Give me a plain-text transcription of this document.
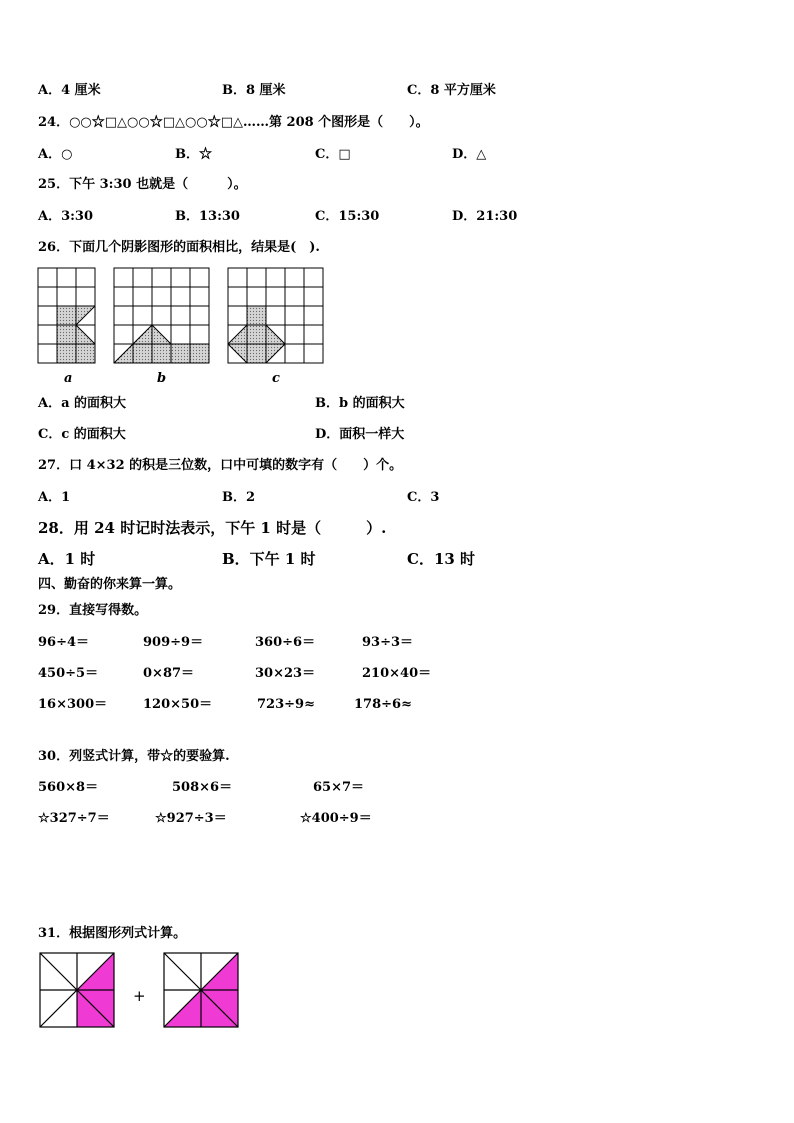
A．4 厘米	B．8 厘米	C．8 平方厘米
24．○○☆□△○○☆□△○○☆□△……第 208 个图形是（　　）。
A．○	B．☆	C．□	D．△
25．下午 3:30 也就是（　　　）。
A．3:30	B．13:30	C．15:30	D．21:30
26．下面几个阴影图形的面积相比，结果是(　).
a	b	c
A．a 的面积大	B．b 的面积大
C．c 的面积大	D．面积一样大
27．口 4×32 的积是三位数，口中可填的数字有（　　）个。
A．1	B．2	C．3
28．用 24 时记时法表示，下午 1 时是（　　　）.
A．1 时	B．下午 1 时	C．13 时
四、勤奋的你来算一算。
29．直接写得数。
96÷4＝	909÷9＝	360÷6＝	93÷3＝
450÷5＝	0×87＝	30×23＝	210×40＝
16×300＝	120×50＝	723÷9≈	178÷6≈
30．列竖式计算，带☆的要验算.
560×8＝	508×6＝	65×7＝
☆327÷7＝	☆927÷3＝	☆400÷9＝
31．根据图形列式计算。
+
